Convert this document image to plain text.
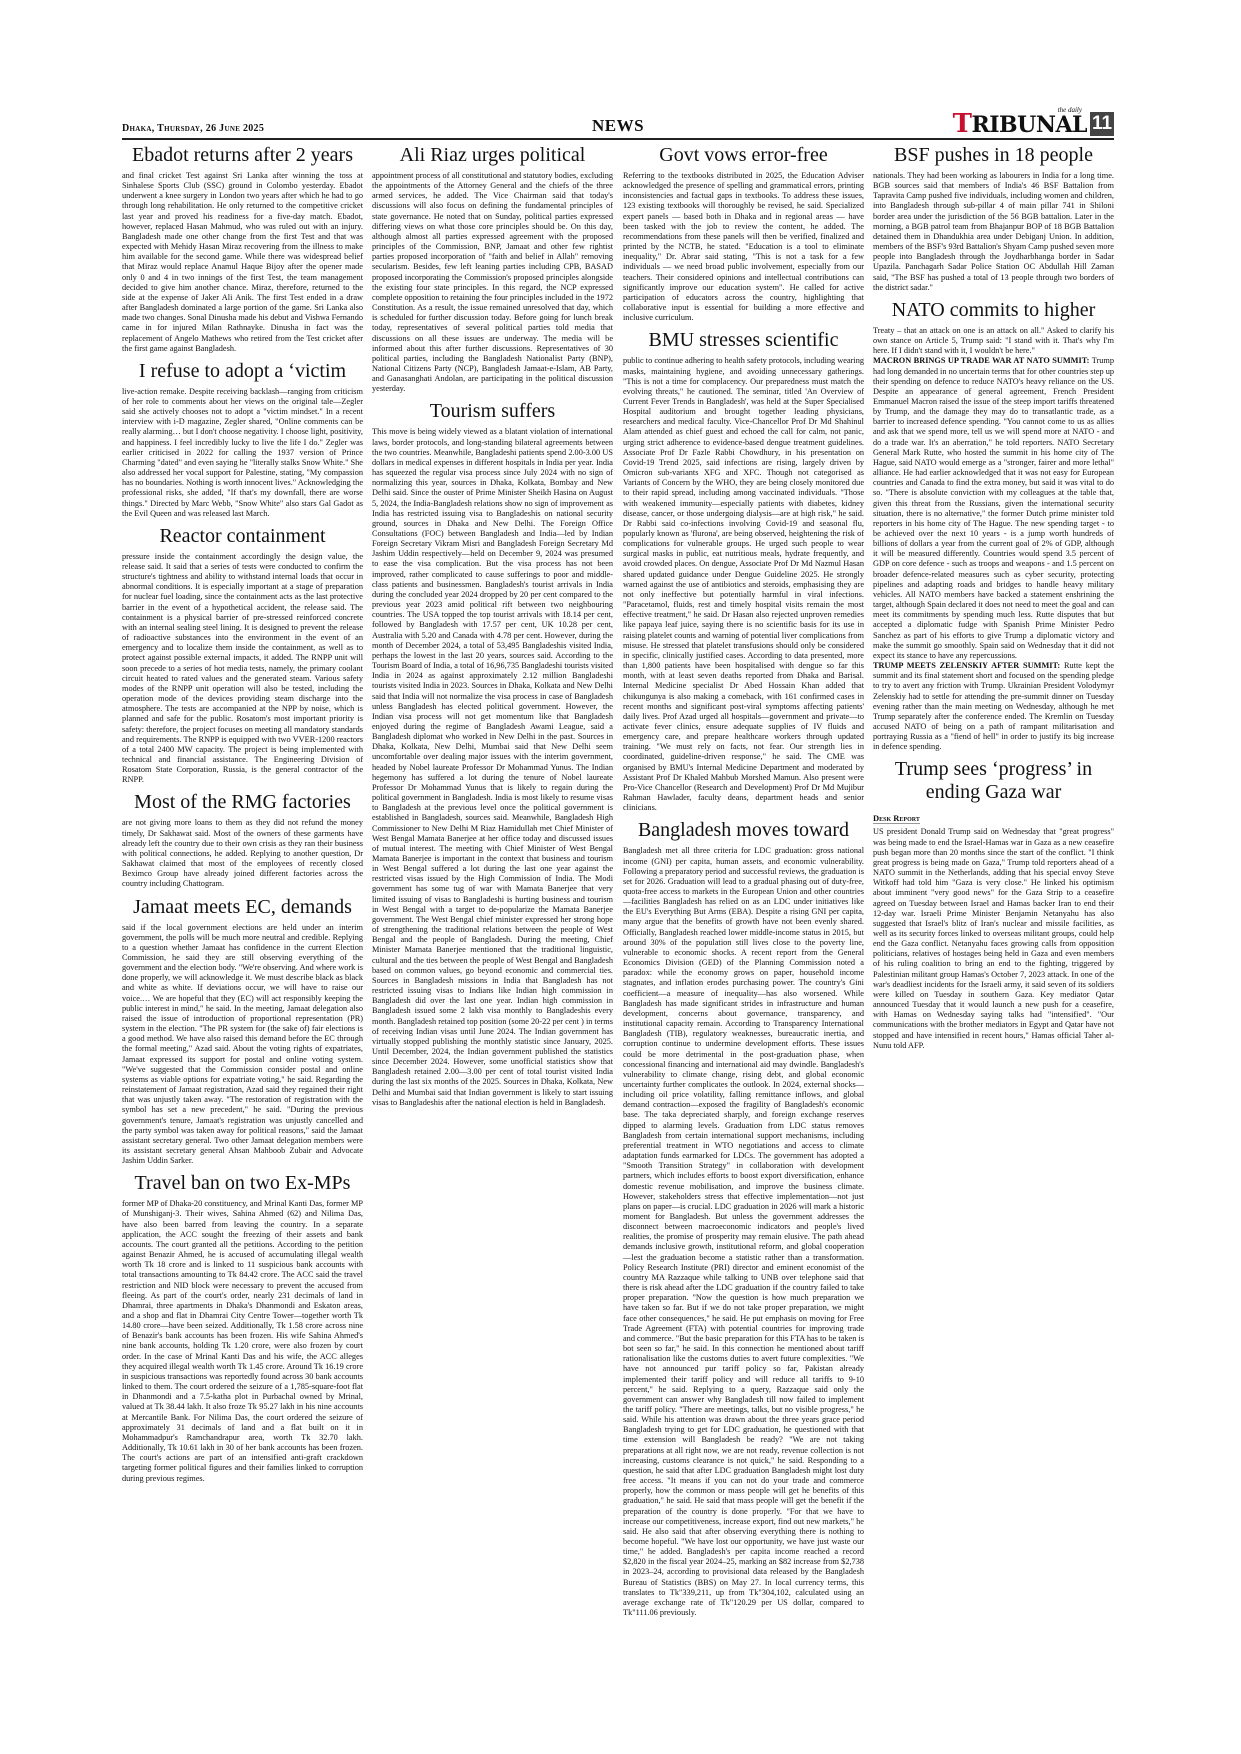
Dhaka, Thursday, 26 June 2025	NEWS
the daily
TRIBUNAL 11
Ebadot returns after 2 years

and final cricket Test against Sri Lanka after winning the toss at Sinhalese Sports Club (SSC) ground in Colombo yesterday. Ebadot underwent a knee surgery in London two years after which he had to go through long rehabilitation. He only returned to the competitive cricket last year and proved his readiness for a five-day match. Ebadot, however, replaced Hasan Mahmud, who was ruled out with an injury. Bangladesh made one other change from the first Test and that was expected with Mehidy Hasan Miraz recovering from the illness to make him available for the second game. While there was widespread belief that Miraz would replace Anamul Haque Bijoy after the opener made only 0 and 4 in two innings of the first Test, the team management decided to give him another chance. Miraz, therefore, returned to the side at the expense of Jaker Ali Anik. The first Test ended in a draw after Bangladesh dominated a large portion of the game. Sri Lanka also made two changes. Sonal Dinusha made his debut and Vishwa Fernando came in for injured Milan Rathnayke. Dinusha in fact was the replacement of Angelo Mathews who retired from the Test cricket after the first game against Bangladesh.

I refuse to adopt a ‘victim

live-action remake. Despite receiving backlash—ranging from criticism of her role to comments about her views on the original tale—Zegler said she actively chooses not to adopt a "victim mindset." In a recent interview with i-D magazine, Zegler shared, "Online comments can be really alarming… but I don't choose negativity. I choose light, positivity, and happiness. I feel incredibly lucky to live the life I do." Zegler was earlier criticised in 2022 for calling the 1937 version of Prince Charming "dated" and even saying he "literally stalks Snow White." She also addressed her vocal support for Palestine, stating, "My compassion has no boundaries. Nothing is worth innocent lives." Acknowledging the professional risks, she added, "If that's my downfall, there are worse things." Directed by Marc Webb, "Snow White" also stars Gal Gadot as the Evil Queen and was released last March.

Reactor containment

pressure inside the containment accordingly the design value, the release said. It said that a series of tests were conducted to confirm the structure's tightness and ability to withstand internal loads that occur in abnormal conditions. It is especially important at a stage of preparation for nuclear fuel loading, since the containment acts as the last protective barrier in the event of a hypothetical accident, the release said. The containment is a physical barrier of pre-stressed reinforced concrete with an internal sealing steel lining. It is designed to prevent the release of radioactive substances into the environment in the event of an emergency and to localize them inside the containment, as well as to protect against possible external impacts, it added. The RNPP unit will soon precede to a series of hot media tests, namely, the primary coolant circuit heated to rated values and the generated steam. Various safety modes of the RNPP unit operation will also be tested, including the operation mode of the devices providing steam discharge into the atmosphere. The tests are accompanied at the NPP by noise, which is planned and safe for the public. Rosatom's most important priority is safety: therefore, the project focuses on meeting all mandatory standards and requirements. The RNPP is equipped with two VVER-1200 reactors of a total 2400 MW capacity. The project is being implemented with technical and financial assistance. The Engineering Division of Rosatom State Corporation, Russia, is the general contractor of the RNPP.

Most of the RMG factories

are not giving more loans to them as they did not refund the money timely, Dr Sakhawat said. Most of the owners of these garments have already left the country due to their own crisis as they ran their business with political connections, he added. Replying to another question, Dr Sakhawat claimed that most of the employees of recently closed Beximco Group have already joined different factories across the country including Chattogram.

Jamaat meets EC, demands

said if the local government elections are held under an interim government, the polls will be much more neutral and credible. Replying to a question whether Jamaat has confidence in the current Election Commission, he said they are still observing everything of the government and the election body. "We're observing. And where work is done properly, we will acknowledge it. We must describe black as black and white as white. If deviations occur, we will have to raise our voice.… We are hopeful that they (EC) will act responsibly keeping the public interest in mind," he said. In the meeting, Jamaat delegation also raised the issue of introduction of proportional representation (PR) system in the election. "The PR system for (the sake of) fair elections is a good method. We have also raised this demand before the EC through the formal meeting," Azad said. About the voting rights of expatriates, Jamaat expressed its support for postal and online voting system. "We've suggested that the Commission consider postal and online systems as viable options for expatriate voting," he said. Regarding the reinstatement of Jamaat registration, Azad said they regained their right that was unjustly taken away. "The restoration of registration with the symbol has set a new precedent," he said. "During the previous government's tenure, Jamaat's registration was unjustly cancelled and the party symbol was taken away for political reasons," said the Jamaat assistant secretary general. Two other Jamaat delegation members were its assistant secretary general Ahsan Mahboob Zubair and Advocate Jashim Uddin Sarker.

Travel ban on two Ex-MPs

former MP of Dhaka-20 constituency, and Mrinal Kanti Das, former MP of Munshiganj-3. Their wives, Sahina Ahmed (62) and Nilima Das, have also been barred from leaving the country. In a separate application, the ACC sought the freezing of their assets and bank accounts. The court granted all the petitions. According to the petition against Benazir Ahmed, he is accused of accumulating illegal wealth worth Tk 18 crore and is linked to 11 suspicious bank accounts with total transactions amounting to Tk 84.42 crore. The ACC said the travel restriction and NID block were necessary to prevent the accused from fleeing. As part of the court's order, nearly 231 decimals of land in Dhamrai, three apartments in Dhaka's Dhanmondi and Eskaton areas, and a shop and flat in Dhamrai City Centre Tower—together worth Tk 14.80 crore—have been seized. Additionally, Tk 1.58 crore across nine of Benazir's bank accounts has been frozen. His wife Sahina Ahmed's nine bank accounts, holding Tk 1.20 crore, were also frozen by court order. In the case of Mrinal Kanti Das and his wife, the ACC alleges they acquired illegal wealth worth Tk 1.45 crore. Around Tk 16.19 crore in suspicious transactions was reportedly found across 30 bank accounts linked to them. The court ordered the seizure of a 1,785-square-foot flat in Dhanmondi and a 7.5-katha plot in Purbachal owned by Mrinal, valued at Tk 38.44 lakh. It also froze Tk 95.27 lakh in his nine accounts at Mercantile Bank. For Nilima Das, the court ordered the seizure of approximately 31 decimals of land and a flat built on it in Mohammadpur's Ramchandrapur area, worth Tk 32.70 lakh. Additionally, Tk 10.61 lakh in 30 of her bank accounts has been frozen. The court's actions are part of an intensified anti-graft crackdown targeting former political figures and their families linked to corruption during previous regimes.

Ali Riaz urges political

appointment process of all constitutional and statutory bodies, excluding the appointments of the Attorney General and the chiefs of the three armed services, he added. The Vice Chairman said that today's discussions will also focus on defining the fundamental principles of state governance. He noted that on Sunday, political parties expressed differing views on what those core principles should be. On this day, although almost all parties expressed agreement with the proposed principles of the Commission, BNP, Jamaat and other few rightist parties proposed incorporation of "faith and belief in Allah" removing secularism. Besides, few left leaning parties including CPB, BASAD proposed incorporating the Commission's proposed principles alongside the existing four state principles. In this regard, the NCP expressed complete opposition to retaining the four principles included in the 1972 Constitution. As a result, the issue remained unresolved that day, which is scheduled for further discussion today. Before going for lunch break today, representatives of several political parties told media that discussions on all these issues are underway. The media will be informed about this after further discussions. Representatives of 30 political parties, including the Bangladesh Nationalist Party (BNP), National Citizens Party (NCP), Bangladesh Jamaat-e-Islam, AB Party, and Ganasanghati Andolan, are participating in the political discussion yesterday.

Tourism suffers

This move is being widely viewed as a blatant violation of international laws, border protocols, and long-standing bilateral agreements between the two countries. Meanwhile, Bangladeshi patients spend 2.00-3.00 US dollars in medical expenses in different hospitals in India per year. India has squeezed the regular visa process since July 2024 with no sign of normalizing this year, sources in Dhaka, Kolkata, Bombay and New Delhi said. Since the ouster of Prime Minister Sheikh Hasina on August 5, 2024, the India-Bangladesh relations show no sign of improvement as India has restricted issuing visa to Bangladeshis on national security ground, sources in Dhaka and New Delhi. The Foreign Office Consultations (FOC) between Bangladesh and India—led by Indian Foreign Secretary Vikram Misri and Bangladesh Foreign Secretary Md Jashim Uddin respectively—held on December 9, 2024 was presumed to ease the visa complication. But the visa process has not been improved, rather complicated to cause sufferings to poor and middle-class patients and businessmen. Bangladesh's tourist arrivals in India during the concluded year 2024 dropped by 20 per cent compared to the previous year 2023 amid political rift between two neighbouring countries. The USA topped the top tourist arrivals with 18.14 per cent, followed by Bangladesh with 17.57 per cent, UK 10.28 per cent, Australia with 5.20 and Canada with 4.78 per cent. However, during the month of December 2024, a total of 53,495 Bangladeshis visited India, perhaps the lowest in the last 20 years, sources said. According to the Tourism Board of India, a total of 16,96,735 Bangladeshi tourists visited India in 2024 as against approximately 2.12 million Bangladeshi tourists visited India in 2023. Sources in Dhaka, Kolkata and New Delhi said that India will not normalize the visa process in case of Bangladesh unless Bangladesh has elected political government. However, the Indian visa process will not get momentum like that Bangladesh enjoyed during the regime of Bangladesh Awami League, said a Bangladesh diplomat who worked in New Delhi in the past. Sources in Dhaka, Kolkata, New Delhi, Mumbai said that New Delhi seem uncomfortable over dealing major issues with the interim government, headed by Nobel laureate Professor Dr Mohammad Yunus. The Indian hegemony has suffered a lot during the tenure of Nobel laureate Professor Dr Mohammad Yunus that is likely to regain during the political government in Bangladesh. India is most likely to resume visas to Bangladesh at the previous level once the political government is established in Bangladesh, sources said. Meanwhile, Bangladesh High Commissioner to New Delhi M Riaz Hamidullah met Chief Minister of West Bengal Mamata Banerjee at her office today and discussed issues of mutual interest. The meeting with Chief Minister of West Bengal Mamata Banerjee is important in the context that business and tourism in West Bengal suffered a lot during the last one year against the restricted visas issued by the High Commission of India. The Modi government has some tug of war with Mamata Banerjee that very limited issuing of visas to Bangladeshi is hurting business and tourism in West Bengal with a target to de-popularize the Mamata Banerjee government. The West Bengal chief minister expressed her strong hope of strengthening the traditional relations between the people of West Bengal and the people of Bangladesh. During the meeting, Chief Minister Mamata Banerjee mentioned that the traditional linguistic, cultural and the ties between the people of West Bengal and Bangladesh based on common values, go beyond economic and commercial ties. Sources in Bangladesh missions in India that Bangladesh has not restricted issuing visas to Indians like Indian high commission in Bangladesh did over the last one year. Indian high commission in Bangladesh issued some 2 lakh visa monthly to Bangladeshis every month. Bangladesh retained top position (some 20-22 per cent ) in terms of receiving Indian visas until June 2024. The Indian government has virtually stopped publishing the monthly statistic since January, 2025. Until December, 2024, the Indian government published the statistics since December 2024. However, some unofficial statistics show that Bangladesh retained 2.00—3.00 per cent of total tourist visited India during the last six months of the 2025. Sources in Dhaka, Kolkata, New Delhi and Mumbai said that Indian government is likely to start issuing visas to Bangladeshis after the national election is held in Bangladesh.

Govt vows error-free

Referring to the textbooks distributed in 2025, the Education Adviser acknowledged the presence of spelling and grammatical errors, printing inconsistencies and factual gaps in textbooks. To address these issues, 123 existing textbooks will thoroughly be revised, he said. Specialized expert panels — based both in Dhaka and in regional areas — have been tasked with the job to review the content, he added. The recommendations from these panels will then be verified, finalized and printed by the NCTB, he stated. "Education is a tool to eliminate inequality," Dr. Abrar said stating, "This is not a task for a few individuals — we need broad public involvement, especially from our teachers. Their considered opinions and intellectual contributions can significantly improve our education system". He called for active participation of educators across the country, highlighting that collaborative input is essential for building a more effective and inclusive curriculum.

BMU stresses scientific

public to continue adhering to health safety protocols, including wearing masks, maintaining hygiene, and avoiding unnecessary gatherings. "This is not a time for complacency. Our preparedness must match the evolving threats," he cautioned. The seminar, titled 'An Overview of Current Fever Trends in Bangladesh', was held at the Super Specialised Hospital auditorium and brought together leading physicians, researchers and medical faculty. Vice-Chancellor Prof Dr Md Shahinul Alam attended as chief guest and echoed the call for calm, not panic, urging strict adherence to evidence-based dengue treatment guidelines. Associate Prof Dr Fazle Rabbi Chowdhury, in his presentation on Covid-19 Trend 2025, said infections are rising, largely driven by Omicron sub-variants XFG and XFC. Though not categorised as Variants of Concern by the WHO, they are being closely monitored due to their rapid spread, including among vaccinated individuals. "Those with weakened immunity—especially patients with diabetes, kidney disease, cancer, or those undergoing dialysis—are at high risk," he said. Dr Rabbi said co-infections involving Covid-19 and seasonal flu, popularly known as 'flurona', are being observed, heightening the risk of complications for vulnerable groups. He urged such people to wear surgical masks in public, eat nutritious meals, hydrate frequently, and avoid crowded places. On dengue, Associate Prof Dr Md Nazmul Hasan shared updated guidance under Dengue Guideline 2025. He strongly warned against the use of antibiotics and steroids, emphasising they are not only ineffective but potentially harmful in viral infections. "Paracetamol, fluids, rest and timely hospital visits remain the most effective treatment," he said. Dr Hasan also rejected unproven remedies like papaya leaf juice, saying there is no scientific basis for its use in raising platelet counts and warning of potential liver complications from misuse. He stressed that platelet transfusions should only be considered in specific, clinically justified cases. According to data presented, more than 1,800 patients have been hospitalised with dengue so far this month, with at least seven deaths reported from Dhaka and Barisal. Internal Medicine specialist Dr Abed Hossain Khan added that chikungunya is also making a comeback, with 161 confirmed cases in recent months and significant post-viral symptoms affecting patients' daily lives. Prof Azad urged all hospitals—government and private—to activate fever clinics, ensure adequate supplies of IV fluids and emergency care, and prepare healthcare workers through updated training. "We must rely on facts, not fear. Our strength lies in coordinated, guideline-driven response," he said. The CME was organised by BMU's Internal Medicine Department and moderated by Assistant Prof Dr Khaled Mahbub Morshed Mamun. Also present were Pro-Vice Chancellor (Research and Development) Prof Dr Md Mujibur Rahman Hawlader, faculty deans, department heads and senior clinicians.

Bangladesh moves toward

Bangladesh met all three criteria for LDC graduation: gross national income (GNI) per capita, human assets, and economic vulnerability. Following a preparatory period and successful reviews, the graduation is set for 2026. Graduation will lead to a gradual phasing out of duty-free, quota-free access to markets in the European Union and other countries—facilities Bangladesh has relied on as an LDC under initiatives like the EU's Everything But Arms (EBA). Despite a rising GNI per capita, many argue that the benefits of growth have not been evenly shared. Officially, Bangladesh reached lower middle-income status in 2015, but around 30% of the population still lives close to the poverty line, vulnerable to economic shocks. A recent report from the General Economics Division (GED) of the Planning Commission noted a paradox: while the economy grows on paper, household income stagnates, and inflation erodes purchasing power. The country's Gini coefficient—a measure of inequality—has also worsened. While Bangladesh has made significant strides in infrastructure and human development, concerns about governance, transparency, and institutional capacity remain. According to Transparency International Bangladesh (TIB), regulatory weaknesses, bureaucratic inertia, and corruption continue to undermine development efforts. These issues could be more detrimental in the post-graduation phase, when concessional financing and international aid may dwindle. Bangladesh's vulnerability to climate change, rising debt, and global economic uncertainty further complicates the outlook. In 2024, external shocks—including oil price volatility, falling remittance inflows, and global demand contraction—exposed the fragility of Bangladesh's economic base. The taka depreciated sharply, and foreign exchange reserves dipped to alarming levels. Graduation from LDC status removes Bangladesh from certain international support mechanisms, including preferential treatment in WTO negotiations and access to climate adaptation funds earmarked for LDCs. The government has adopted a "Smooth Transition Strategy" in collaboration with development partners, which includes efforts to boost export diversification, enhance domestic revenue mobilisation, and improve the business climate. However, stakeholders stress that effective implementation—not just plans on paper—is crucial. LDC graduation in 2026 will mark a historic moment for Bangladesh. But unless the government addresses the disconnect between macroeconomic indicators and people's lived realities, the promise of prosperity may remain elusive. The path ahead demands inclusive growth, institutional reform, and global cooperation—lest the graduation become a statistic rather than a transformation. Policy Research Institute (PRI) director and eminent economist of the country MA Razzaque while talking to UNB over telephone said that there is risk ahead after the LDC graduation if the country failed to take proper preparation. "Now the question is how much preparation we have taken so far. But if we do not take proper preparation, we might face other consequences," he said. He put emphasis on moving for Free Trade Agreement (FTA) with potential countries for improving trade and commerce. "But the basic preparation for this FTA has to be taken is bot seen so far," he said. In this connection he mentioned about tariff rationalisation like the customs duties to avert future complexities. "We have not announced pur tariff policy so far, Pakistan already implemented their tariff policy and will reduce all tariffs to 9-10 percent," he said. Replying to a query, Razzaque said only the government can answer why Bangladesh till now failed to implement the tariff policy. "There are meetings, talks, but no visible progress," he said. While his attention was drawn about the three years grace period Bangladesh trying to get for LDC graduation, he questioned with that time extension will Bangladesh be ready? "We are not taking preparations at all right now, we are not ready, revenue collection is not increasing, customs clearance is not quick," he said. Responding to a question, he said that after LDC graduation Bangladesh might lost duty free access. "It means if you can not do your trade and commerce properly, how the common or mass people will get he benefits of this graduation," he said. He said that mass people will get the benefit if the preparation of the country is done properly. "For that we have to increase our competitiveness, increase export, find out new markets," he said. He also said that after observing everything there is nothing to become hopeful. "We have lost our opportunity, we have just waste our time," he added. Bangladesh's per capita income reached a record $2,820 in the fiscal year 2024–25, marking an $82 increase from $2,738 in 2023–24, according to provisional data released by the Bangladesh Bureau of Statistics (BBS) on May 27. In local currency terms, this translates to Tk"339,211, up from Tk"304,102, calculated using an average exchange rate of Tk"120.29 per US dollar, compared to Tk"111.06 previously.

BSF pushes in 18 people

nationals. They had been working as labourers in India for a long time. BGB sources said that members of India's 46 BSF Battalion from Tapravita Camp pushed five individuals, including women and children, into Bangladesh through sub-pillar 4 of main pillar 741 in Shiloni border area under the jurisdiction of the 56 BGB battalion. Later in the morning, a BGB patrol team from Bhajanpur BOP of 18 BGB Battalion detained them in Dhandukhia area under Debiganj Union. In addition, members of the BSF's 93rd Battalion's Shyam Camp pushed seven more people into Bangladesh through the Joydharbhanga border in Sadar Upazila. Panchagarh Sadar Police Station OC Abdullah Hill Zaman said, "The BSF has pushed a total of 13 people through two borders of the district sadar."

NATO commits to higher

Treaty – that an attack on one is an attack on all." Asked to clarify his own stance on Article 5, Trump said: "I stand with it. That's why I'm here. If I didn't stand with it, I wouldn't be here."
MACRON BRINGS UP TRADE WAR AT NATO SUMMIT: Trump had long demanded in no uncertain terms that for other countries step up their spending on defence to reduce NATO's heavy reliance on the US. Despite an appearance of general agreement, French President Emmanuel Macron raised the issue of the steep import tariffs threatened by Trump, and the damage they may do to transatlantic trade, as a barrier to increased defence spending. "You cannot come to us as allies and ask that we spend more, tell us we will spend more at NATO - and do a trade war. It's an aberration," he told reporters. NATO Secretary General Mark Rutte, who hosted the summit in his home city of The Hague, said NATO would emerge as a "stronger, fairer and more lethal" alliance. He had earlier acknowledged that it was not easy for European countries and Canada to find the extra money, but said it was vital to do so. "There is absolute conviction with my colleagues at the table that, given this threat from the Russians, given the international security situation, there is no alternative," the former Dutch prime minister told reporters in his home city of The Hague. The new spending target - to be achieved over the next 10 years - is a jump worth hundreds of billions of dollars a year from the current goal of 2% of GDP, although it will be measured differently. Countries would spend 3.5 percent of GDP on core defence - such as troops and weapons - and 1.5 percent on broader defence-related measures such as cyber security, protecting pipelines and adapting roads and bridges to handle heavy military vehicles. All NATO members have backed a statement enshrining the target, although Spain declared it does not need to meet the goal and can meet its commitments by spending much less. Rutte disputes that but accepted a diplomatic fudge with Spanish Prime Minister Pedro Sanchez as part of his efforts to give Trump a diplomatic victory and make the summit go smoothly. Spain said on Wednesday that it did not expect its stance to have any repercussions.
TRUMP MEETS ZELENSKIY AFTER SUMMIT: Rutte kept the summit and its final statement short and focused on the spending pledge to try to avert any friction with Trump. Ukrainian President Volodymyr Zelenskiy had to settle for attending the pre-summit dinner on Tuesday evening rather than the main meeting on Wednesday, although he met Trump separately after the conference ended. The Kremlin on Tuesday accused NATO of being on a path of rampant militarisation and portraying Russia as a "fiend of hell" in order to justify its big increase in defence spending.

Trump sees ‘progress’ in ending Gaza war
Desk Report

US president Donald Trump said on Wednesday that "great progress" was being made to end the Israel-Hamas war in Gaza as a new ceasefire push began more than 20 months since the start of the conflict. "I think great progress is being made on Gaza," Trump told reporters ahead of a NATO summit in the Netherlands, adding that his special envoy Steve Witkoff had told him "Gaza is very close." He linked his optimism about imminent "very good news" for the Gaza Strip to a ceasefire agreed on Tuesday between Israel and Hamas backer Iran to end their 12-day war. Israeli Prime Minister Benjamin Netanyahu has also suggested that Israel's blitz of Iran's nuclear and missile facilities, as well as its security forces linked to overseas militant groups, could help end the Gaza conflict. Netanyahu faces growing calls from opposition politicians, relatives of hostages being held in Gaza and even members of his ruling coalition to bring an end to the fighting, triggered by Palestinian militant group Hamas's October 7, 2023 attack. In one of the war's deadliest incidents for the Israeli army, it said seven of its soldiers were killed on Tuesday in southern Gaza. Key mediator Qatar announced Tuesday that it would launch a new push for a ceasefire, with Hamas on Wednesday saying talks had "intensified". "Our communications with the brother mediators in Egypt and Qatar have not stopped and have intensified in recent hours," Hamas official Taher al-Nunu told AFP.
